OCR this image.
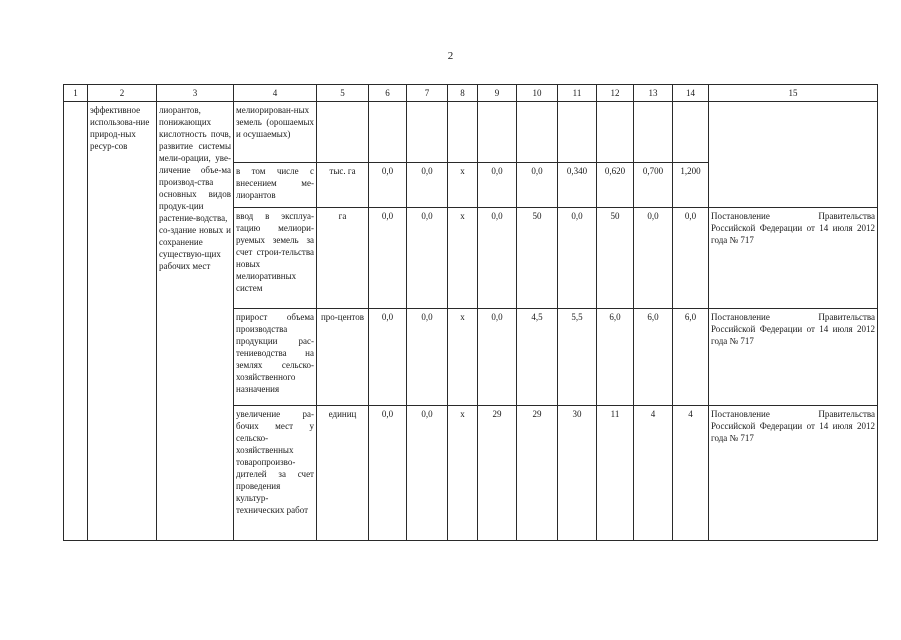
2
1	2	3	4	5	6	7	8	9	10	11	12	13	14	15
	эффективное использова-ние природ-ных ресур-сов	лиорантов, понижающих кислотность почв, развитие системы мели-орации, уве-личение объе-ма производ-ства основных видов продук-ции растение-водства, со-здание новых и сохранение существую-щих рабочих мест	мелиорирован-ных земель (орошаемых и осушаемых)											
			в том числе с внесением ме-лиорантов	тыс. га	0,0	0,0	х	0,0	0,0	0,340	0,620	0,700	1,200	
			ввод в эксплуа-тацию мелиори-руемых земель за счет строи-тельства новых мелиоративных систем	га	0,0	0,0	х	0,0	50	0,0	50	0,0	0,0	Постановление Правительства Российской Федерации от 14 июля 2012 года № 717
			прирост объема производства продукции рас-тениеводства на землях сельско-хозяйственного назначения	про-центов	0,0	0,0	х	0,0	4,5	5,5	6,0	6,0	6,0	Постановление Правительства Российской Федерации от 14 июля 2012 года № 717
			увеличение ра-бочих мест у сельско-хозяйственных товаропроизво-дителей за счет проведения культур-технических работ	единиц	0,0	0,0	х	29	29	30	11	4	4	Постановление Правительства Российской Федерации от 14 июля 2012 года № 717
